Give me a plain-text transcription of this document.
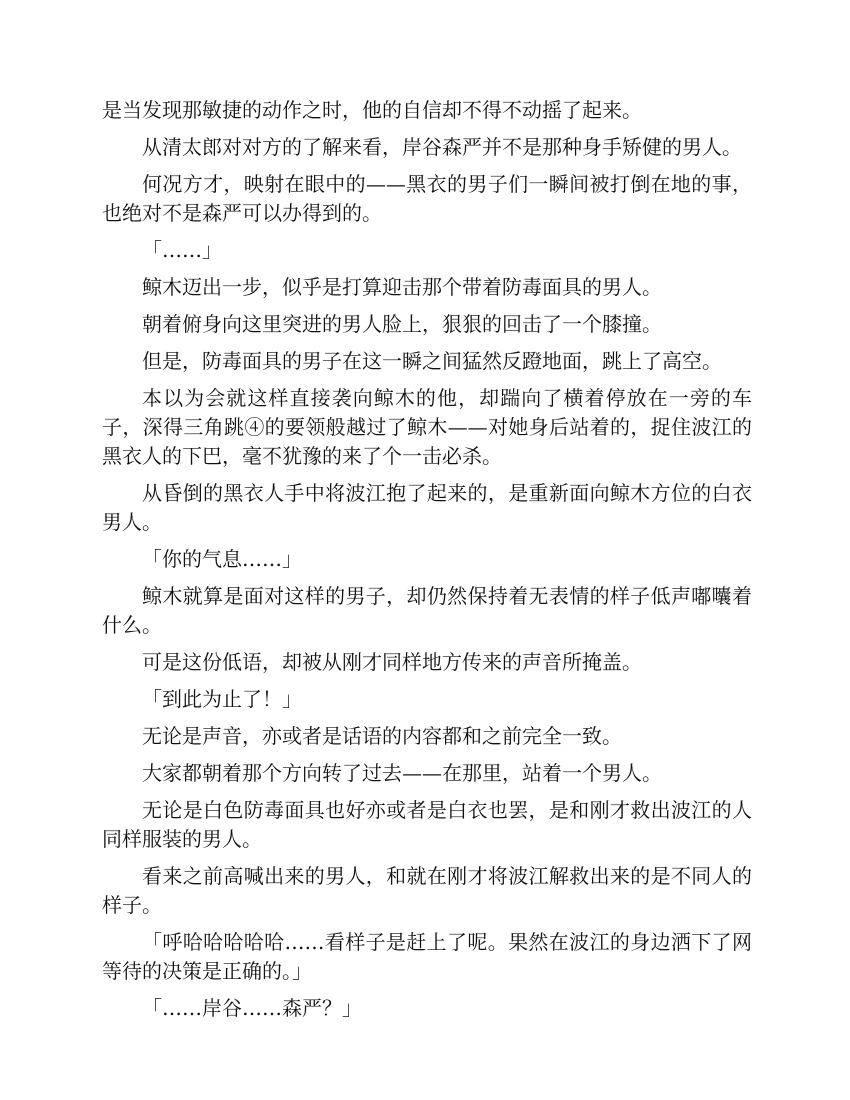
是当发现那敏捷的动作之时，他的自信却不得不动摇了起来。

从清太郎对对方的了解来看，岸谷森严并不是那种身手矫健的男人。

何况方才，映射在眼中的——黑衣的男子们一瞬间被打倒在地的事，也绝对不是森严可以办得到的。

「……」

鲸木迈出一步，似乎是打算迎击那个带着防毒面具的男人。

朝着俯身向这里突进的男人脸上，狠狠的回击了一个膝撞。

但是，防毒面具的男子在这一瞬之间猛然反蹬地面，跳上了高空。

本以为会就这样直接袭向鲸木的他，却踹向了横着停放在一旁的车子，深得三角跳④的要领般越过了鲸木——对她身后站着的，捉住波江的黑衣人的下巴，毫不犹豫的来了个一击必杀。

从昏倒的黑衣人手中将波江抱了起来的，是重新面向鲸木方位的白衣男人。

「你的气息……」

鲸木就算是面对这样的男子，却仍然保持着无表情的样子低声嘟囔着什么。

可是这份低语，却被从刚才同样地方传来的声音所掩盖。

「到此为止了！」

无论是声音，亦或者是话语的内容都和之前完全一致。

大家都朝着那个方向转了过去——在那里，站着一个男人。

无论是白色防毒面具也好亦或者是白衣也罢，是和刚才救出波江的人同样服装的男人。

看来之前高喊出来的男人，和就在刚才将波江解救出来的是不同人的样子。

「呼哈哈哈哈哈……看样子是赶上了呢。果然在波江的身边洒下了网等待的决策是正确的。」

「……岸谷……森严？」
